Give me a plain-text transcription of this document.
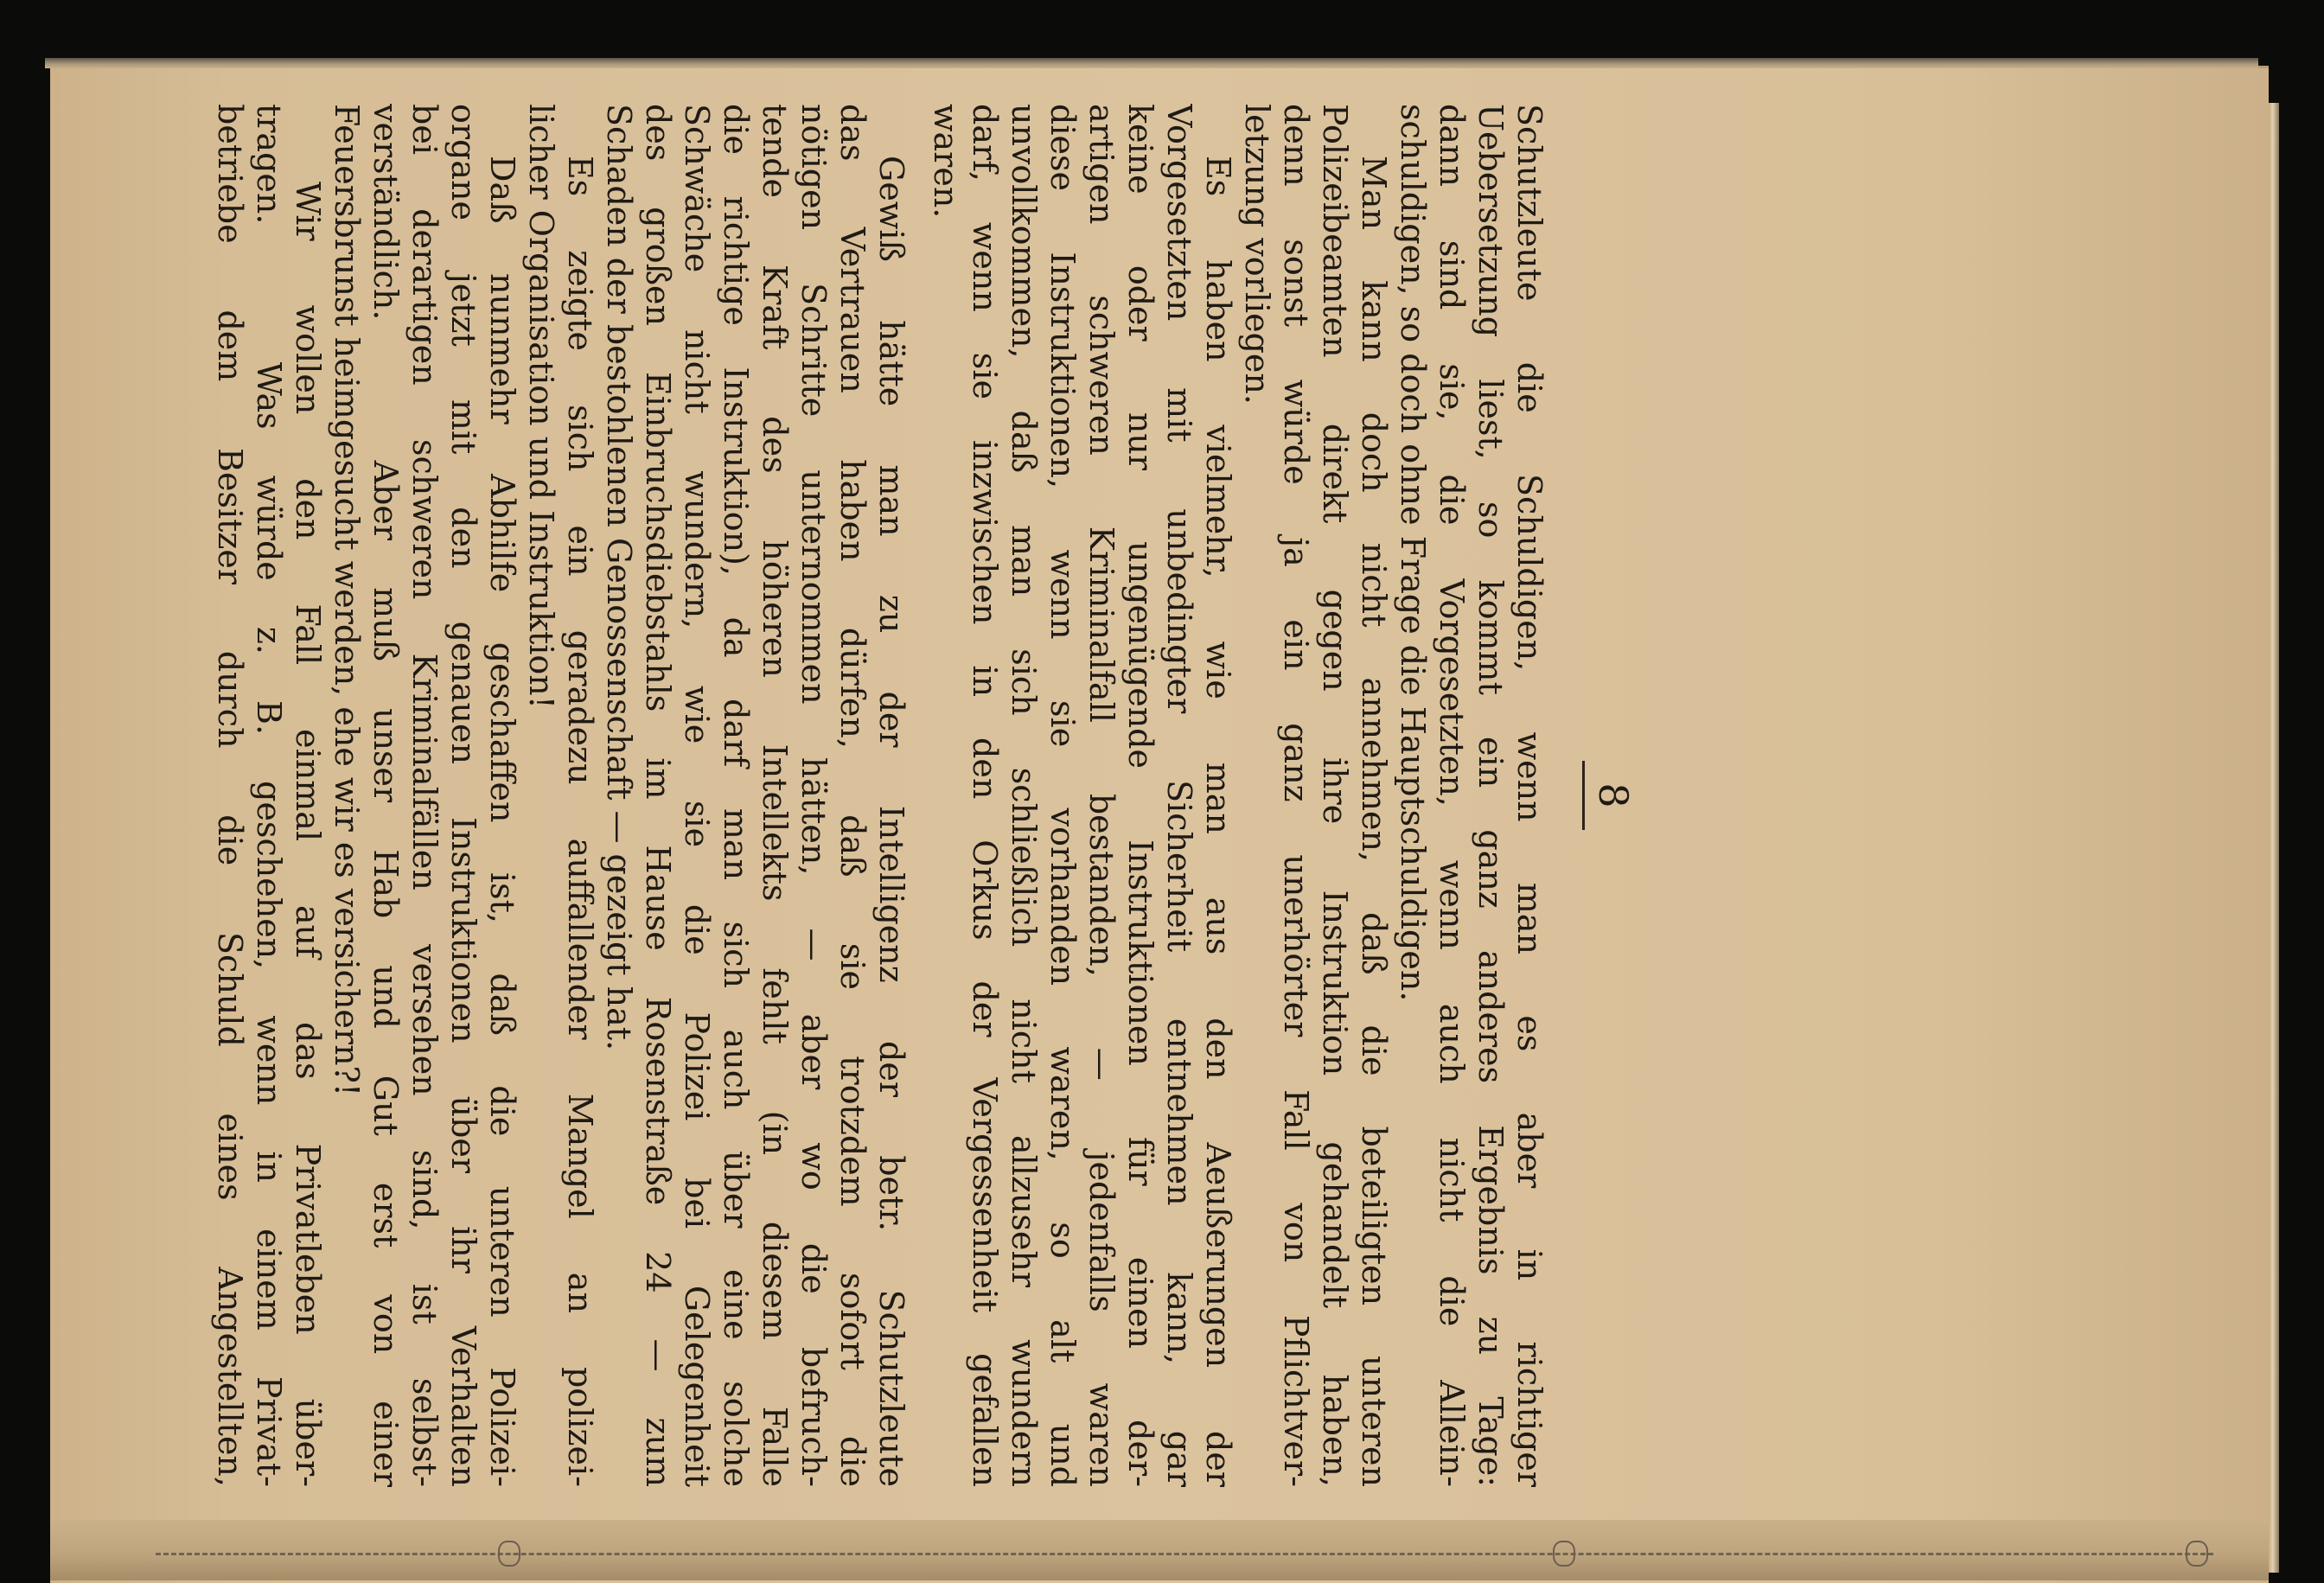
8
Schutzleute die Schuldigen, wenn man es aber in richtiger
Uebersetzung liest, so kommt ein ganz anderes Ergebnis zu Tage:
dann sind sie, die Vorgesetzten, wenn auch nicht die Allein-
schuldigen, so doch ohne Frage die Hauptschuldigen.
Man kann doch nicht annehmen, daß die beteiligten unteren
Polizeibeamten direkt gegen ihre Instruktion gehandelt haben,
denn sonst würde ja ein ganz unerhörter Fall von Pflichtver-
letzung vorliegen.
Es haben vielmehr, wie man aus den Aeußerungen der
Vorgesetzten mit unbedingter Sicherheit entnehmen kann, gar
keine oder nur ungenügende Instruktionen für einen der-
artigen schweren Kriminalfall bestanden, — jedenfalls waren
diese Instruktionen, wenn sie vorhanden waren, so alt und
unvollkommen, daß man sich schließlich nicht allzusehr wundern
darf, wenn sie inzwischen in den Orkus der Vergessenheit gefallen
waren.
Gewiß hätte man zu der Intelligenz der betr. Schutzleute
das Vertrauen haben dürfen, daß sie trotzdem sofort die
nötigen Schritte unternommen hätten, — aber wo die befruch-
tende Kraft des höheren Intellekts fehlt (in diesem Falle
die richtige Instruktion), da darf man sich auch über eine solche
Schwäche nicht wundern, wie sie die Polizei bei Gelegenheit
des großen Einbruchsdiebstahls im Hause Rosenstraße 24 — zum
Schaden der bestohlenen Genossenschaft — gezeigt hat.
Es zeigte sich ein geradezu auffallender Mangel an polizei-
licher Organisation und Instruktion!
Daß nunmehr Abhilfe geschaffen ist, daß die unteren Polizei-
organe jetzt mit den genauen Instruktionen über ihr Verhalten
bei derartigen schweren Kriminalfällen versehen sind, ist selbst-
verständlich.   Aber muß unser Hab und Gut erst von einer
Feuersbrunst heimgesucht werden, ehe wir es versichern?!
Wir wollen den Fall einmal auf das Privatleben über-
tragen.   Was würde z. B. geschehen, wenn in einem Privat-
betriebe dem Besitzer durch die Schuld eines Angestellten,
